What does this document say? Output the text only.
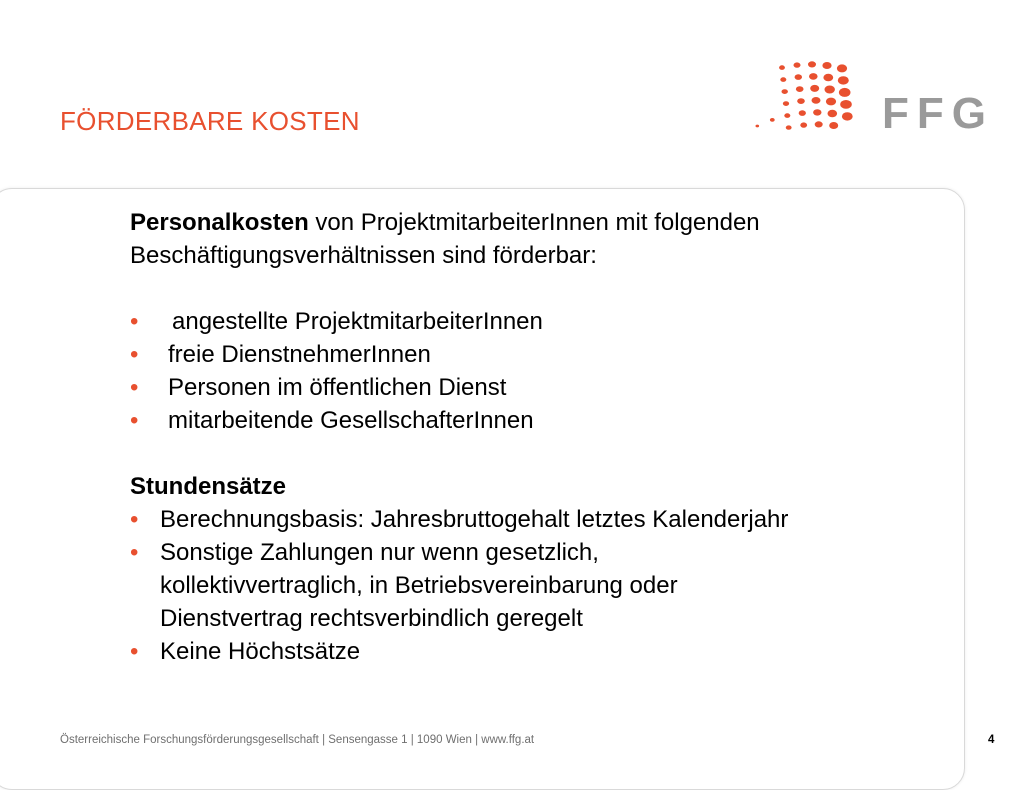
FÖRDERBARE KOSTEN	FFG

Personalkosten von ProjektmitarbeiterInnen mit folgenden Beschäftigungsverhältnissen sind förderbar:

• angestellte ProjektmitarbeiterInnen
• freie DienstnehmerInnen
• Personen im öffentlichen Dienst
• mitarbeitende GesellschafterInnen
Stundensätze
• Berechnungsbasis: Jahresbruttogehalt letztes Kalenderjahr
• Sonstige Zahlungen nur wenn gesetzlich, kollektivvertraglich, in Betriebsvereinbarung oder Dienstvertrag rechtsverbindlich geregelt
• Keine Höchstsätze
Österreichische Forschungsförderungsgesellschaft | Sensengasse 1 | 1090 Wien | www.ffg.at	4
